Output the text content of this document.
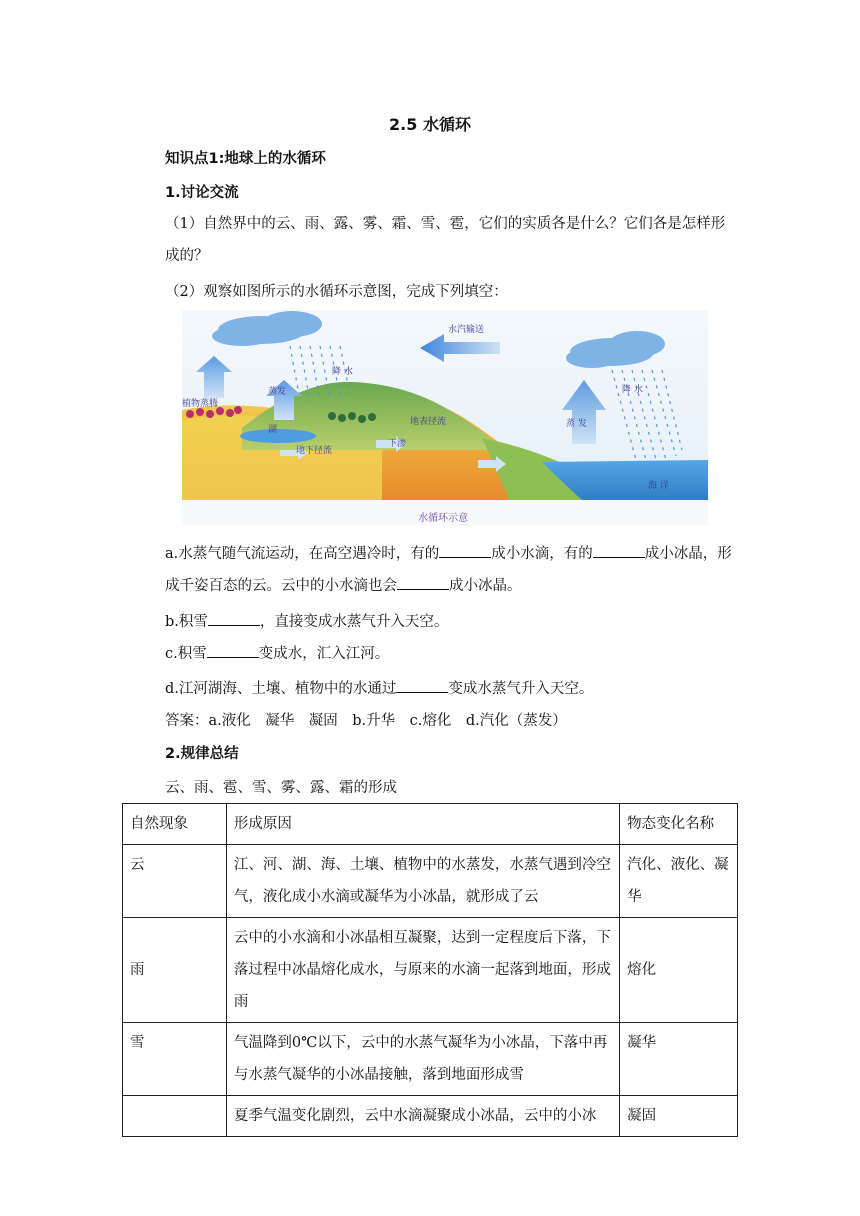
2.5 水循环
知识点1:地球上的水循环
1.讨论交流
（1）自然界中的云、雨、露、雾、霜、雪、雹，它们的实质各是什么？它们各是怎样形成的？
（2）观察如图所示的水循环示意图，完成下列填空：
水汽输送
降 水
降 水
蒸发
蒸 发
植物蒸腾
湖
地表径流
下渗
地下径流
海 洋
水循环示意
a.水蒸气随气流运动，在高空遇冷时，有的	成小水滴，有的	成小冰晶，形成千姿百态的云。云中的小水滴也会	成小冰晶。
b.积雪	，直接变成水蒸气升入天空。
c.积雪	变成水，汇入江河。
d.江河湖海、土壤、植物中的水通过	变成水蒸气升入天空。
答案：a.液化　凝华　凝固　b.升华　c.熔化　d.汽化（蒸发）
2.规律总结
云、雨、雹、雪、雾、露、霜的形成
自然现象	形成原因	物态变化名称
云	江、河、湖、海、土壤、植物中的水蒸发，水蒸气遇到冷空气，液化成小水滴或凝华为小冰晶，就形成了云	汽化、液化、凝华
雨	云中的小水滴和小冰晶相互凝聚，达到一定程度后下落，下落过程中冰晶熔化成水，与原来的水滴一起落到地面，形成雨	熔化
雪	气温降到0℃以下，云中的水蒸气凝华为小冰晶，下落中再与水蒸气凝华的小冰晶接触，落到地面形成雪	凝华
	夏季气温变化剧烈，云中水滴凝聚成小冰晶，云中的小冰	凝固
